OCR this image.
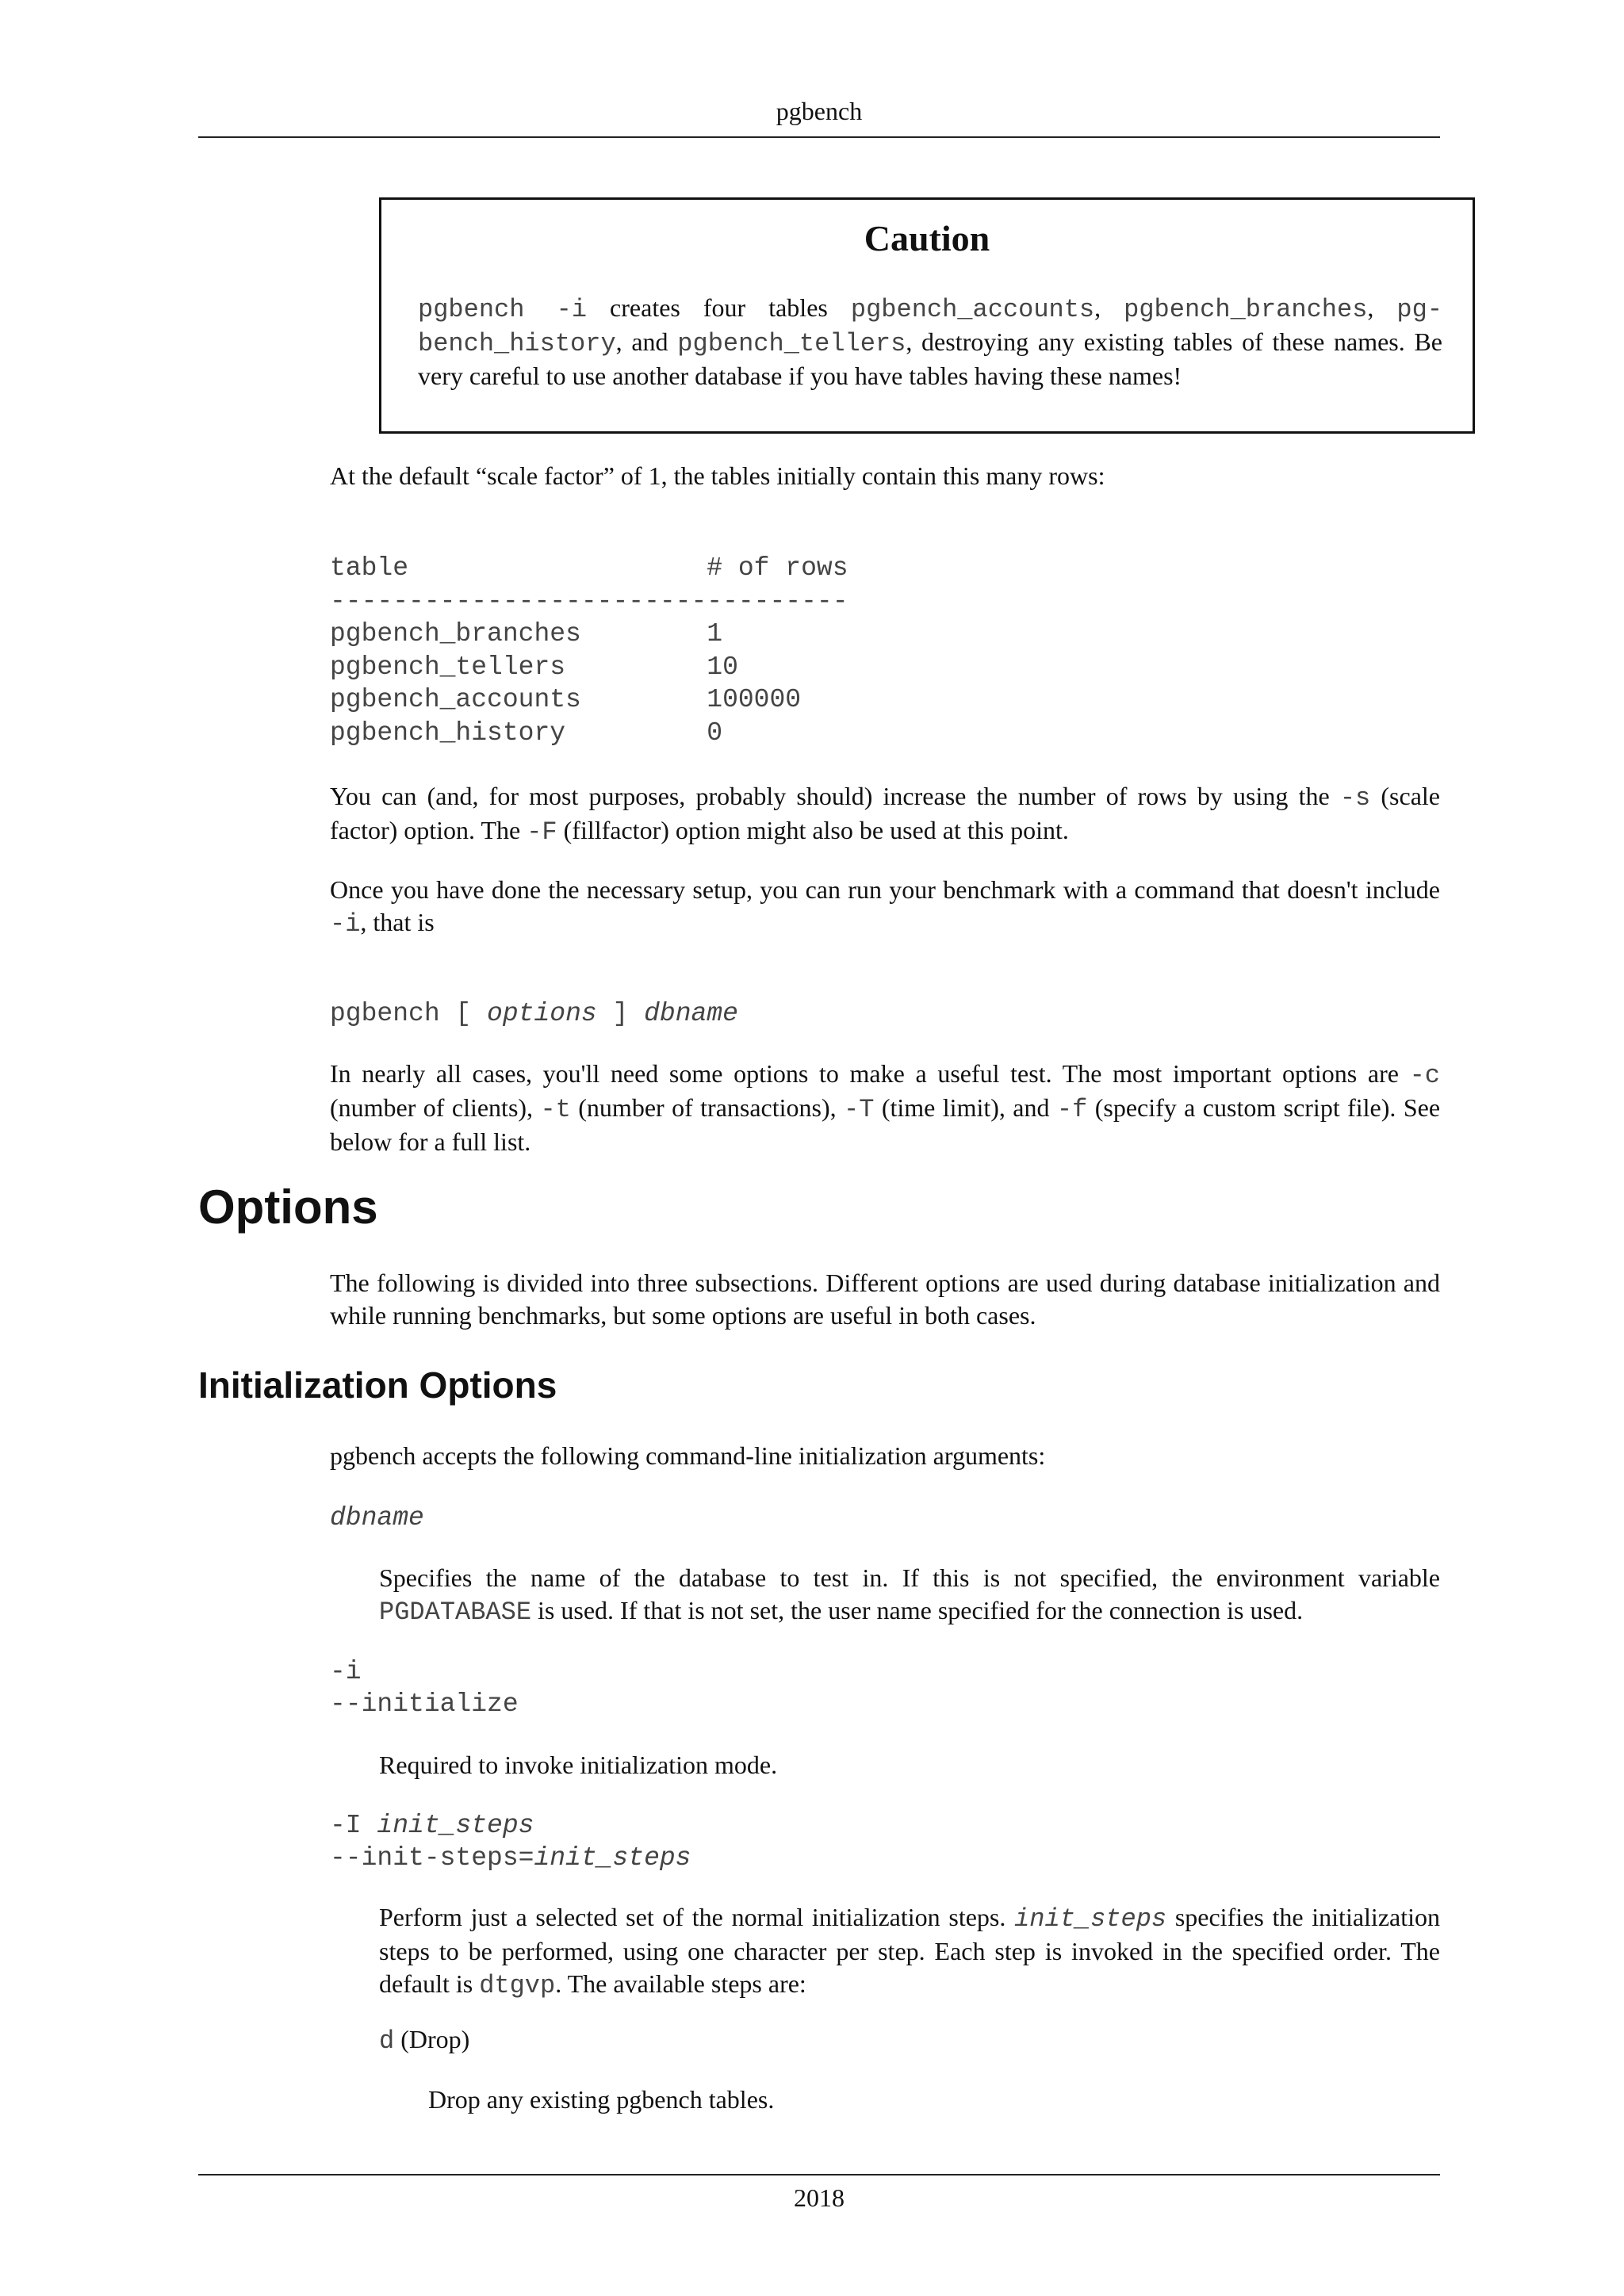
pgbench
Caution
pgbench -i creates four tables pgbench_accounts, pgbench_branches, pgbench_history, and pgbench_tellers, destroying any existing tables of these names. Be very careful to use another database if you have tables having these names!
At the default “scale factor” of 1, the tables initially contain this many rows:
table                   # of rows
---------------------------------
pgbench_branches        1
pgbench_tellers         10
pgbench_accounts        100000
pgbench_history         0
You can (and, for most purposes, probably should) increase the number of rows by using the -s (scale factor) option. The -F (fillfactor) option might also be used at this point.
Once you have done the necessary setup, you can run your benchmark with a command that doesn't include -i, that is
pgbench [ options ] dbname
In nearly all cases, you'll need some options to make a useful test. The most important options are -c (number of clients), -t (number of transactions), -T (time limit), and -f (specify a custom script file). See below for a full list.
Options
The following is divided into three subsections. Different options are used during database initialization and while running benchmarks, but some options are useful in both cases.
Initialization Options
pgbench accepts the following command-line initialization arguments:
dbname
Specifies the name of the database to test in. If this is not specified, the environment variable PGDATABASE is used. If that is not set, the user name specified for the connection is used.
-i
--initialize
Required to invoke initialization mode.
-I init_steps
--init-steps=init_steps
Perform just a selected set of the normal initialization steps. init_steps specifies the initialization steps to be performed, using one character per step. Each step is invoked in the specified order. The default is dtgvp. The available steps are:
d (Drop)
Drop any existing pgbench tables.
2018
